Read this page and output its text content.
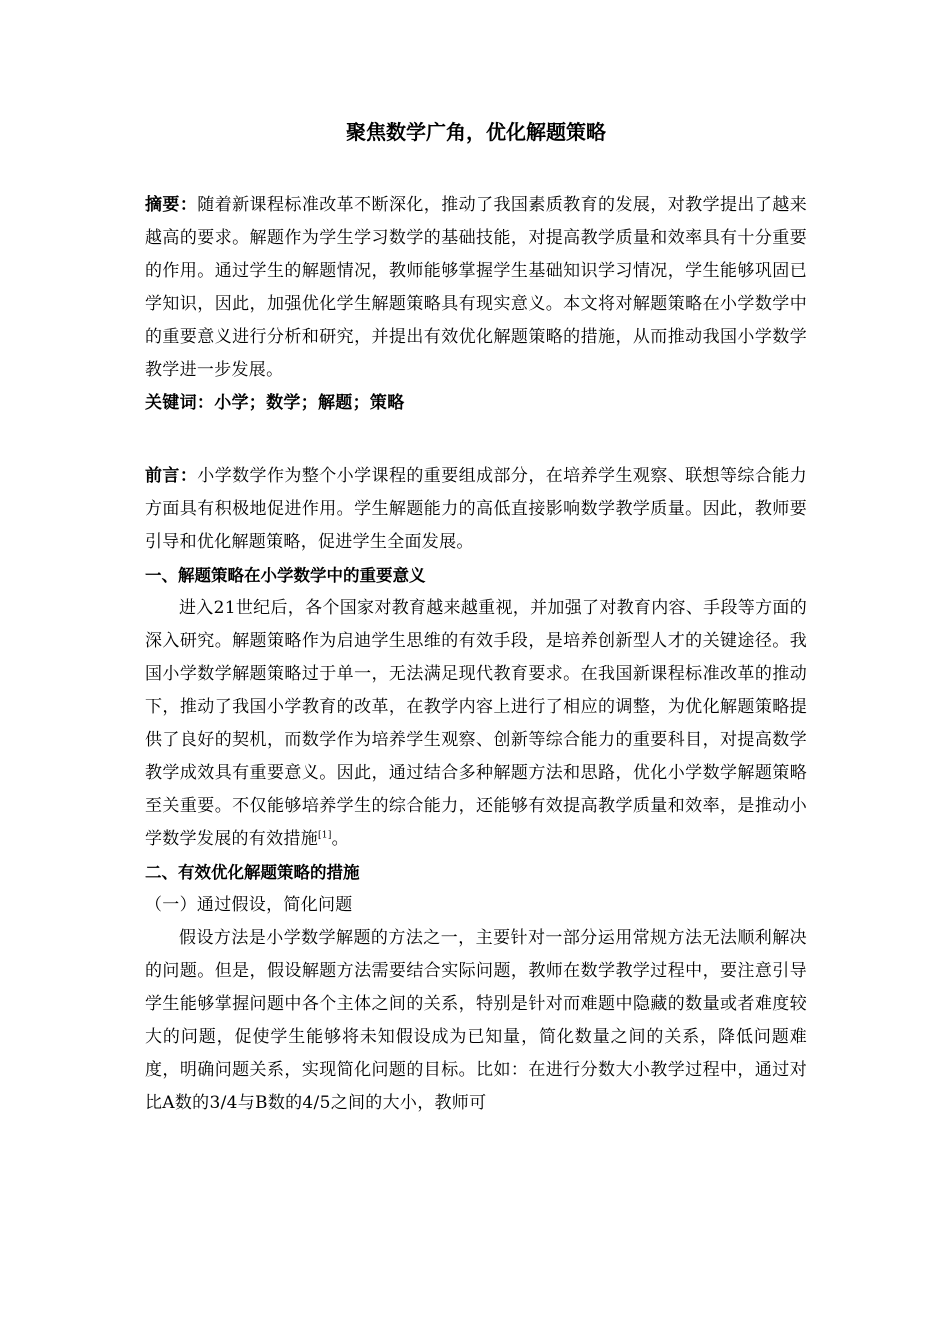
聚焦数学广角，优化解题策略

摘要：随着新课程标准改革不断深化，推动了我国素质教育的发展，对教学提出了越来越高的要求。解题作为学生学习数学的基础技能，对提高教学质量和效率具有十分重要的作用。通过学生的解题情况，教师能够掌握学生基础知识学习情况，学生能够巩固已学知识，因此，加强优化学生解题策略具有现实意义。本文将对解题策略在小学数学中的重要意义进行分析和研究，并提出有效优化解题策略的措施，从而推动我国小学数学教学进一步发展。

关键词：小学；数学；解题；策略

前言：小学数学作为整个小学课程的重要组成部分，在培养学生观察、联想等综合能力方面具有积极地促进作用。学生解题能力的高低直接影响数学教学质量。因此，教师要引导和优化解题策略，促进学生全面发展。

一、解题策略在小学数学中的重要意义

进入21世纪后，各个国家对教育越来越重视，并加强了对教育内容、手段等方面的深入研究。解题策略作为启迪学生思维的有效手段，是培养创新型人才的关键途径。我国小学数学解题策略过于单一，无法满足现代教育要求。在我国新课程标准改革的推动下，推动了我国小学教育的改革，在教学内容上进行了相应的调整，为优化解题策略提供了良好的契机，而数学作为培养学生观察、创新等综合能力的重要科目，对提高数学教学成效具有重要意义。因此，通过结合多种解题方法和思路，优化小学数学解题策略至关重要。不仅能够培养学生的综合能力，还能够有效提高教学质量和效率，是推动小学数学发展的有效措施[1]。

二、有效优化解题策略的措施

（一）通过假设，简化问题

假设方法是小学数学解题的方法之一，主要针对一部分运用常规方法无法顺利解决的问题。但是，假设解题方法需要结合实际问题，教师在数学教学过程中，要注意引导学生能够掌握问题中各个主体之间的关系，特别是针对而难题中隐藏的数量或者难度较大的问题，促使学生能够将未知假设成为已知量，简化数量之间的关系，降低问题难度，明确问题关系，实现简化问题的目标。比如：在进行分数大小教学过程中，通过对比A数的3/4与B数的4/5之间的大小，教师可
